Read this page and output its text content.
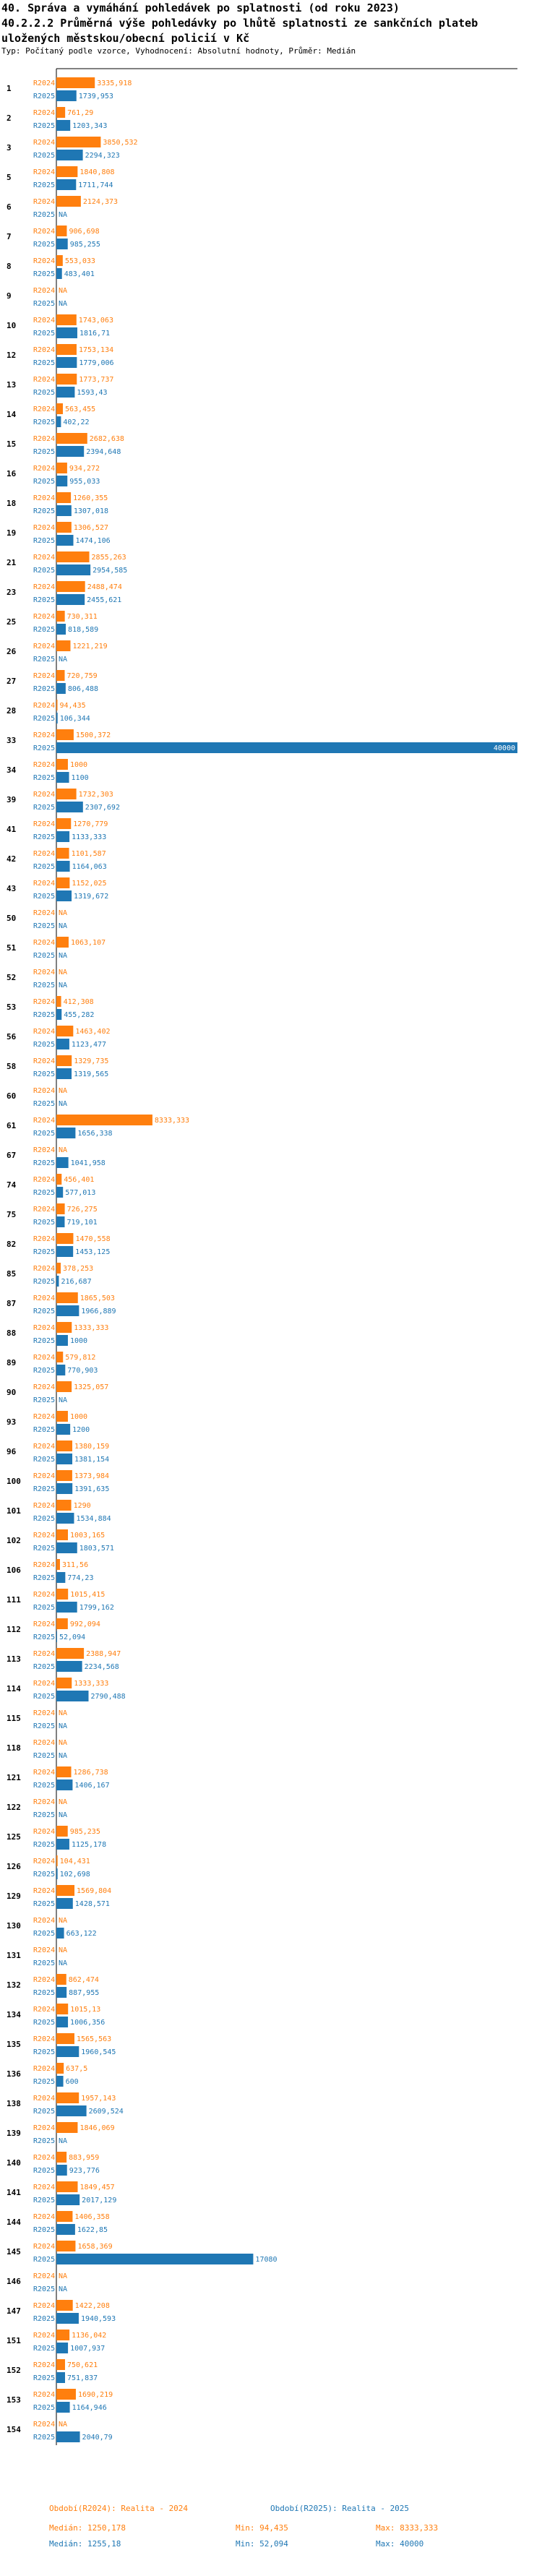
40. Správa a vymáhání pohledávek po splatnosti (od roku 2023)
40.2.2.2 Průměrná výše pohledávky po lhůtě splatnosti ze sankčních plateb uložených městskou/obecní policií v Kč
Typ: Počítaný podle vzorce, Vyhodnocení: Absolutní hodnoty, Průměr: Medián
1
R2024	3335,918
R2025	1739,953
2
R2024 761,29
R2025 1203,343
3
R2024	3850,532
R2025	2294,323
5
R2024	1840,808
R2025	1711,744
6
R2024	2124,373
R2025 NA
7
R2024 906,698
R2025 985,255
8
R2024 553,033
R2025 483,401
9
R2024 NA
R2025 NA
10
R2024	1743,063
R2025	1816,71
12
R2024	1753,134
R2025	1779,006
13
R2024	1773,737
R2025	1593,43
14
R2024 563,455
R2025 402,22
15
R2024	2682,638
R2025	2394,648
16
R2024 934,272
R2025 955,033
18
R2024 1260,355
R2025	1307,018
19
R2024	1306,527
R2025	1474,106
21
R2024	2855,263
R2025	2954,585
23
R2024	2488,474
R2025	2455,621
25
R2024 730,311
R2025 818,589
26
R2024 1221,219
R2025 NA
27
R2024 720,759
R2025 806,488
28
R2024 94,435
R2025 106,344
33
R2024	1500,372
R2025	40000
34
R2024 1000
R2025 1100
39
R2024	1732,303
R2025	2307,692
41
R2024	1270,779
R2025 1133,333
42
R2024 1101,587
R2025 1164,063
43
R2024 1152,025
R2025	1319,672
50
R2024 NA
R2025 NA
51
R2024 1063,107
R2025 NA
52
R2024 NA
R2025 NA
53
R2024 412,308
R2025 455,282
56
R2024	1463,402
R2025 1123,477
58
R2024	1329,735
R2025	1319,565
60
R2024 NA
R2025 NA
61
R2024	8333,333
R2025	1656,338
67
R2024 NA
R2025 1041,958
74
R2024 456,401
R2025 577,013
75
R2024 726,275
R2025 719,101
82
R2024	1470,558
R2025	1453,125
85
R2024 378,253
R2025 216,687
87
R2024	1865,503
R2025	1966,889
88
R2024	1333,333
R2025 1000
89
R2024 579,812
R2025 770,903
90
R2024	1325,057
R2025 NA
93
R2024 1000
R2025 1200
96
R2024	1380,159
R2025	1381,154
100
R2024	1373,984
R2025	1391,635
101
R2024	1290
R2025	1534,884
102
R2024 1003,165
R2025	1803,571
106
R2024 311,56
R2025 774,23
111
R2024 1015,415
R2025	1799,162
112
R2024 992,094
R2025 52,094
113
R2024	2388,947
R2025	2234,568
114
R2024	1333,333
R2025	2790,488
115
R2024 NA
R2025 NA
118
R2024 NA
R2025 NA
121
R2024	1286,738
R2025	1406,167
122
R2024 NA
R2025 NA
125
R2024 985,235
R2025 1125,178
126
R2024 104,431
R2025 102,698
129
R2024	1569,804
R2025	1428,571
130
R2024 NA
R2025 663,122
131
R2024 NA
R2025 NA
132
R2024 862,474
R2025 887,955
134
R2024 1015,13
R2025 1006,356
135
R2024	1565,563
R2025	1960,545
136
R2024 637,5
R2025 600
138
R2024	1957,143
R2025	2609,524
139
R2024	1846,069
R2025 NA
140
R2024 883,959
R2025 923,776
141
R2024	1849,457
R2025	2017,129
144
R2024	1406,358
R2025	1622,85
145
R2024	1658,369
R2025	17080
146
R2024 NA
R2025 NA
147
R2024	1422,208
R2025	1940,593
151
R2024 1136,042
R2025 1007,937
152
R2024 750,621
R2025 751,837
153
R2024	1690,219
R2025 1164,946
154
R2024 NA
R2025	2040,79
Období(R2024): Realita - 2024
Medián: 1250,178	Min: 94,435	Max: 8333,333
Období(R2025): Realita - 2025
Medián: 1255,18	Min: 52,094	Max: 40000
